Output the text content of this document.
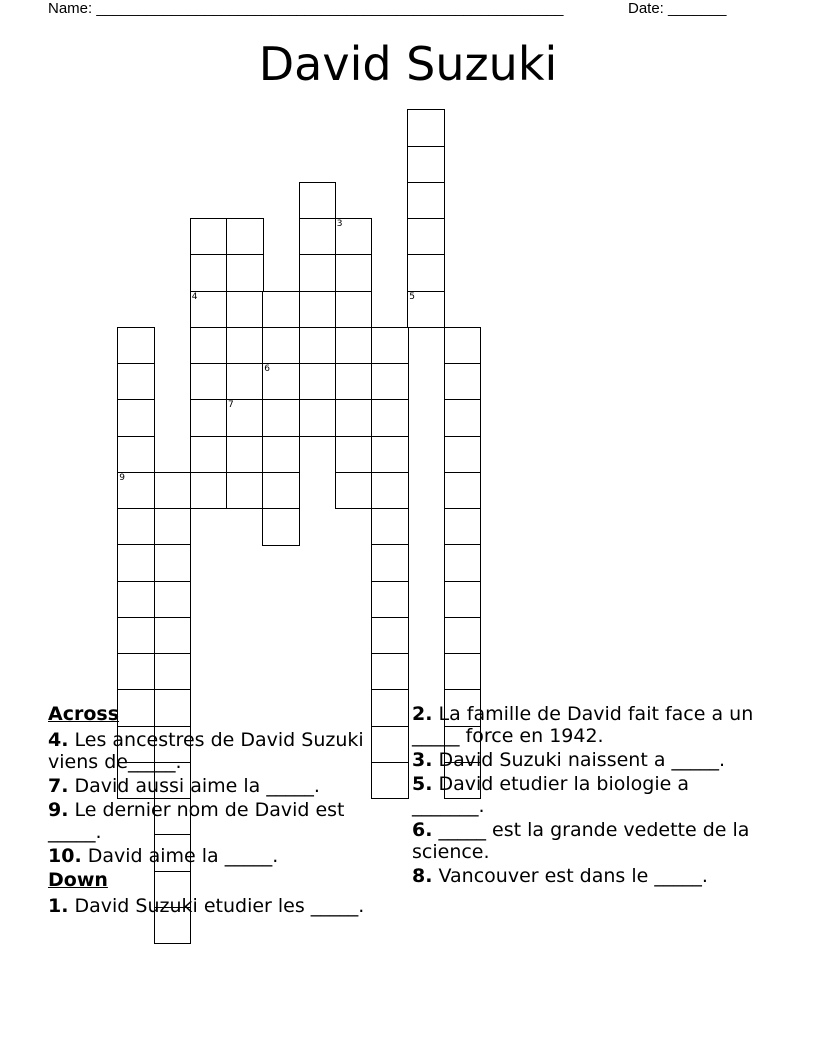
Name: ________________________________________________________	Date: _______
David Suzuki
9
4
7
6
3
5
Across
4. Les ancestres de David Suzuki viens de_____.
7. David aussi aime la _____.
9. Le dernier nom de David est _____.
10. David aime la _____.
Down
1. David Suzuki etudier les _____.
2. La famille de David fait face a un _____ force en 1942.
3. David Suzuki naissent a _____.
5. David etudier la biologie a _______.
6. _____ est la grande vedette de la science.
8. Vancouver est dans le _____.
